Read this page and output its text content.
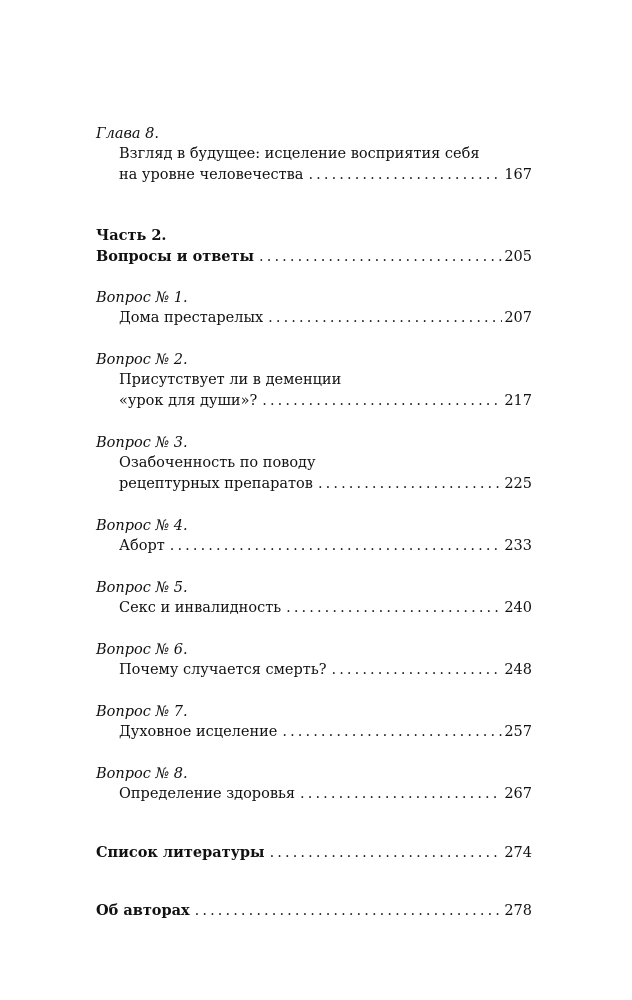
Глава 8.
Взгляд в будущее: исцеление восприятия себя
на уровне человечества .....	167
Часть 2.
Вопросы и ответы .....	205
Вопрос № 1.
Дома престарелых .....	207
Вопрос № 2.
Присутствует ли в деменции
«урок для души»? .....	217
Вопрос № 3.
Озабоченность по поводу
рецептурных препаратов .....	225
Вопрос № 4.
Аборт .....	233
Вопрос № 5.
Секс и инвалидность .....	240
Вопрос № 6.
Почему случается смерть? .....	248
Вопрос № 7.
Духовное исцеление .....	257
Вопрос № 8.
Определение здоровья .....	267
Список литературы .....	274
Об авторах .....	278
